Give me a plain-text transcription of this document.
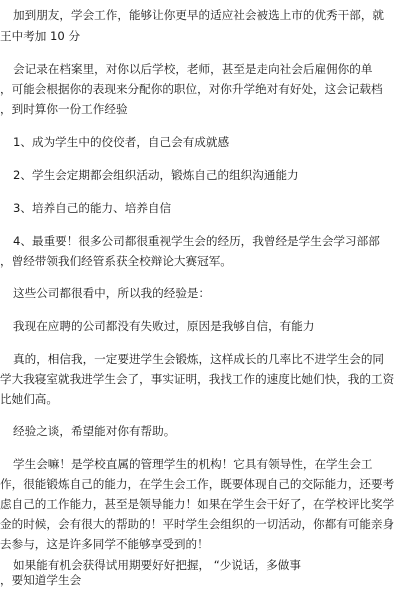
加到朋友，学会工作，能够让你更早的适应社会被选上市的优秀干部，就

王中考加 10 分

会记录在档案里，对你以后学校，老师，甚至是走向社会后雇佣你的单

，可能会根据你的表现来分配你的职位，对你升学绝对有好处，这会记载档

，到时算你一份工作经验

1、成为学生中的佼佼者，自己会有成就感

2、学生会定期都会组织活动，锻炼自己的组织沟通能力

3、培养自己的能力、培养自信

4、最重要！很多公司都很重视学生会的经历，我曾经是学生会学习部部

，曾经带领我们经管系获全校辩论大赛冠军。

这些公司都很看中，所以我的经验是：

我现在应聘的公司都没有失败过，原因是我够自信，有能力

真的，相信我，一定要进学生会锻炼，这样成长的几率比不进学生会的同

学大我寝室就我进学生会了，事实证明，我找工作的速度比她们快，我的工资

比她们高。

经验之谈，希望能对你有帮助。

学生会嘛！是学校直属的管理学生的机构！它具有领导性，在学生会工

作，很能锻炼自己的能力，在学生会工作，既要体现自己的交际能力，还要考

虑自己的工作能力，甚至是领导能力！如果在学生会干好了，在学校评比奖学

金的时候，会有很大的帮助的！平时学生会组织的一切活动，你都有可能亲身

去参与，这是许多同学不能够享受到的！

如果能有机会获得试用期要好好把握， “少说话，多做事

，要知道学生会
